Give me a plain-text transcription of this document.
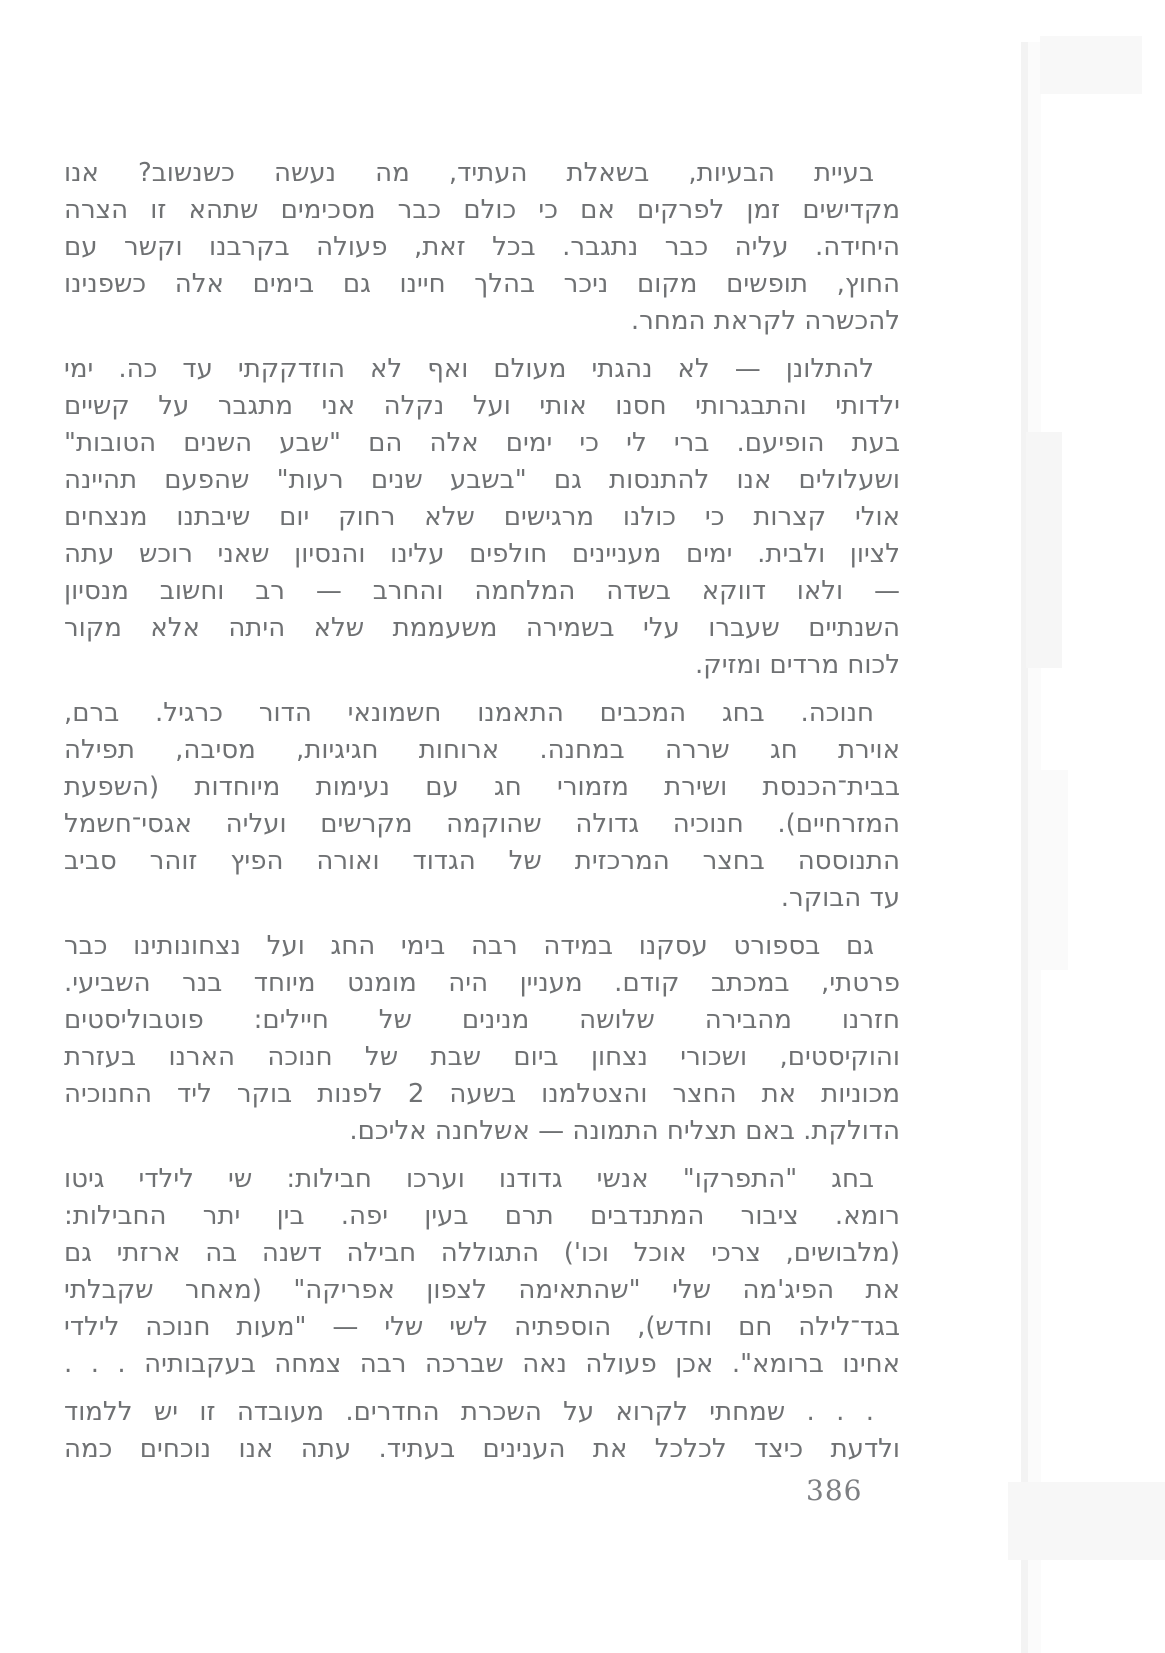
בעיית הבעיות, בשאלת העתיד, מה נעשה כשנשוב? אנו
מקדישים זמן לפרקים אם כי כולם כבר מסכימים שתהא זו הצרה
היחידה. עליה כבר נתגבר. בכל זאת, פעולה בקרבנו וקשר עם
החוץ, תופשים מקום ניכר בהלך חיינו גם בימים אלה כשפנינו
להכשרה לקראת המחר.

להתלונן — לא נהגתי מעולם ואף לא הוזדקקתי עד כה. ימי
ילדותי והתבגרותי חסנו אותי ועל נקלה אני מתגבר על קשיים
בעת הופיעם. ברי לי כי ימים אלה הם "שבע השנים הטובות"
ושעלולים אנו להתנסות גם "בשבע שנים רעות" שהפעם תהיינה
אולי קצרות כי כולנו מרגישים שלא רחוק יום שיבתנו מנצחים
לציון ולבית. ימים מעניינים חולפים עלינו והנסיון שאני רוכש עתה
— ולאו דווקא בשדה המלחמה והחרב — רב וחשוב מנסיון
השנתיים שעברו עלי בשמירה משעממת שלא היתה אלא מקור
לכוח מרדים ומזיק.

חנוכה. בחג המכבים התאמנו חשמונאי הדור כרגיל. ברם,
אוירת חג שררה במחנה. ארוחות חגיגיות, מסיבה, תפילה
בבית־הכנסת ושירת מזמורי חג עם נעימות מיוחדות (השפעת
המזרחיים). חנוכיה גדולה שהוקמה מקרשים ועליה אגסי־חשמל
התנוססה בחצר המרכזית של הגדוד ואורה הפיץ זוהר סביב
עד הבוקר.

גם בספורט עסקנו במידה רבה בימי החג ועל נצחונותינו כבר
פרטתי, במכתב קודם. מעניין היה מומנט מיוחד בנר השביעי.
חזרנו מהבירה שלושה מנינים של חיילים: פוטבוליסטים
והוקיסטים, ושכורי נצחון ביום שבת של חנוכה הארנו בעזרת
מכוניות את החצר והצטלמנו בשעה 2 לפנות בוקר ליד החנוכיה
הדולקת. באם תצליח התמונה — אשלחנה אליכם.

בחג "התפרקו" אנשי גדודנו וערכו חבילות: שי לילדי גיטו
רומא. ציבור המתנדבים תרם בעין יפה. בין יתר החבילות:
(מלבושים, צרכי אוכל וכו') התגוללה חבילה דשנה בה ארזתי גם
את הפיג'מה שלי "שהתאימה לצפון אפריקה" (מאחר שקבלתי
בגד־לילה חם וחדש), הוספתיה לשי שלי — "מעות חנוכה לילדי
אחינו ברומא". אכן פעולה נאה שברכה רבה צמחה בעקבותיה . . .

. . . שמחתי לקרוא על השכרת החדרים. מעובדה זו יש ללמוד
ולדעת כיצד לכלכל את הענינים בעתיד. עתה אנו נוכחים כמה

386
